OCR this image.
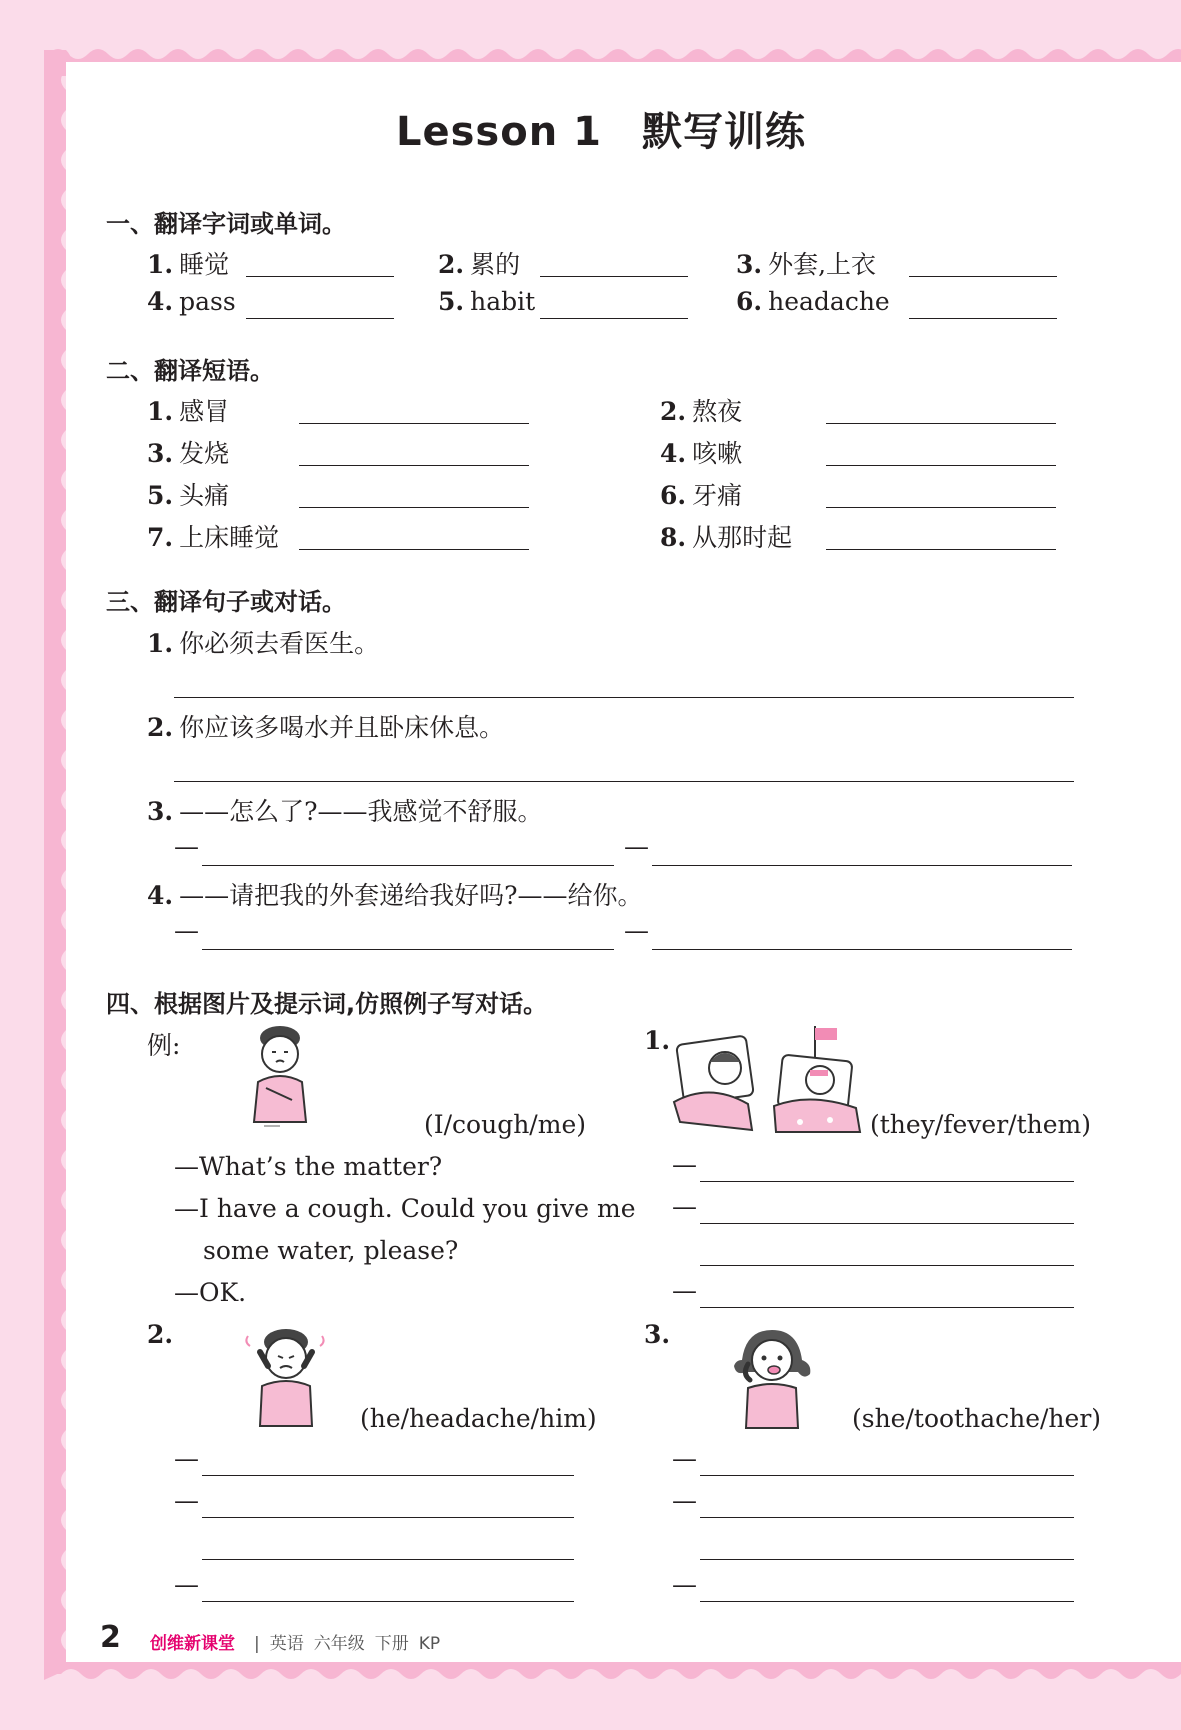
Lesson 1 默写训练
一、翻译字词或单词。
1. 睡觉	2. 累的	3. 外套,上衣
4. pass	5. habit	6. headache
二、翻译短语。
1. 感冒	2. 熬夜
3. 发烧	4. 咳嗽
5. 头痛	6. 牙痛
7. 上床睡觉	8. 从那时起
三、翻译句子或对话。
1. 你必须去看医生。
2. 你应该多喝水并且卧床休息。
3. ——怎么了?——我感觉不舒服。
—	—
4. ——请把我的外套递给我好吗?——给你。
—	—
四、根据图片及提示词,仿照例子写对话。
例:
(I/cough/me)
—What’s the matter?
—I have a cough. Could you give me
some water, please?
—OK.
1.
(they/fever/them)
—
—
—
2.
(he/headache/him)
—
—
—
3.
(she/toothache/her)
—
—
—
2 创维新课堂 | 英语 六年级 下册 KP
